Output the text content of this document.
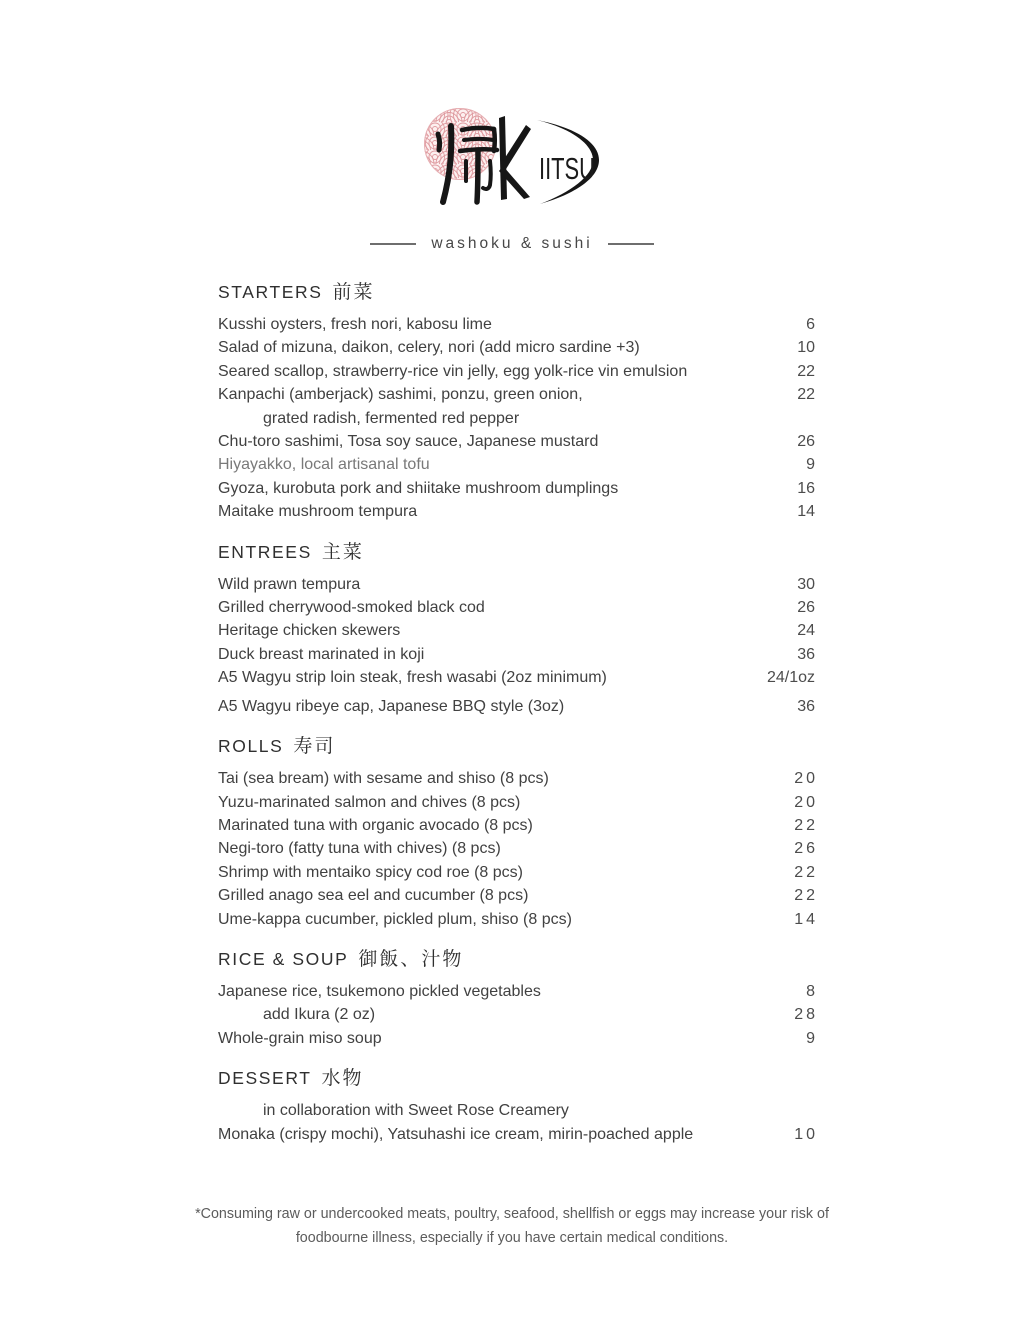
IITSU
washoku & sushi
STARTERS 前菜
Kusshi oysters, fresh nori, kabosu lime	6
Salad of mizuna, daikon, celery, nori (add micro sardine +3)	10
Seared scallop, strawberry-rice vin jelly, egg yolk-rice vin emulsion	22
Kanpachi (amberjack) sashimi, ponzu, green onion,	22
grated radish, fermented red pepper
Chu-toro sashimi, Tosa soy sauce, Japanese mustard	26
Hiyayakko, local artisanal tofu	9
Gyoza, kurobuta pork and shiitake mushroom dumplings	16
Maitake mushroom tempura	14
ENTREES 主菜
Wild prawn tempura	30
Grilled cherrywood-smoked black cod	26
Heritage chicken skewers	24
Duck breast marinated in koji	36
A5 Wagyu strip loin steak, fresh wasabi (2oz minimum)	24/1oz
A5 Wagyu ribeye cap, Japanese BBQ style (3oz)	36
ROLLS 寿司
Tai (sea bream) with sesame and shiso (8 pcs)	20
Yuzu-marinated salmon and chives (8 pcs)	20
Marinated tuna with organic avocado (8 pcs)	22
Negi-toro (fatty tuna with chives) (8 pcs)	26
Shrimp with mentaiko spicy cod roe (8 pcs)	22
Grilled anago sea eel and cucumber (8 pcs)	22
Ume-kappa cucumber, pickled plum, shiso (8 pcs)	14
RICE & SOUP 御飯、汁物
Japanese rice, tsukemono pickled vegetables	8
add Ikura (2 oz)	28
Whole-grain miso soup	9
DESSERT 水物
in collaboration with Sweet Rose Creamery
Monaka (crispy mochi), Yatsuhashi ice cream, mirin-poached apple	10

*Consuming raw or undercooked meats, poultry, seafood, shellfish or eggs may increase your risk of

foodbourne illness, especially if you have certain medical conditions.
